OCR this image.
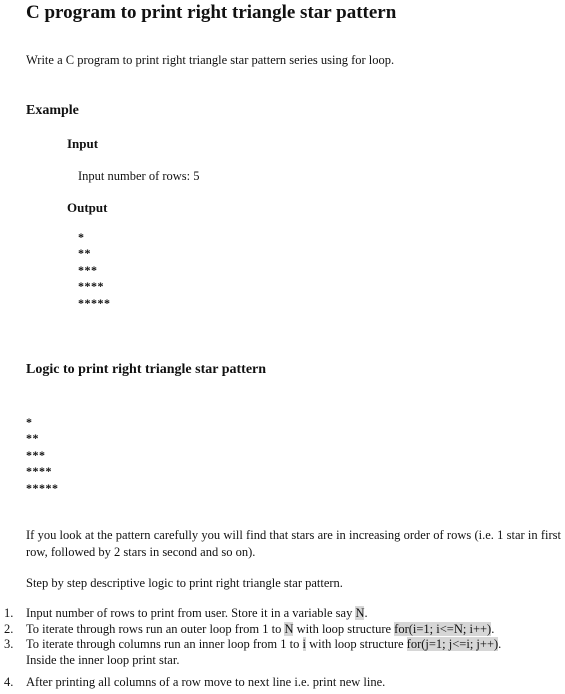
C program to print right triangle star pattern
Write a C program to print right triangle star pattern series using for loop.
Example
Input
Input number of rows: 5
Output
*
**
***
****
*****
Logic to print right triangle star pattern
*
**
***
****
*****
If you look at the pattern carefully you will find that stars are in increasing order of rows (i.e. 1 star in first row, followed by 2 stars in second and so on).
Step by step descriptive logic to print right triangle star pattern.
1. Input number of rows to print from user. Store it in a variable say N.
2. To iterate through rows run an outer loop from 1 to N with loop structure for(i=1; i<=N; i++).
3. To iterate through columns run an inner loop from 1 to i with loop structure for(j=1; j<=i; j++).
Inside the inner loop print star.
4. After printing all columns of a row move to next line i.e. print new line.
